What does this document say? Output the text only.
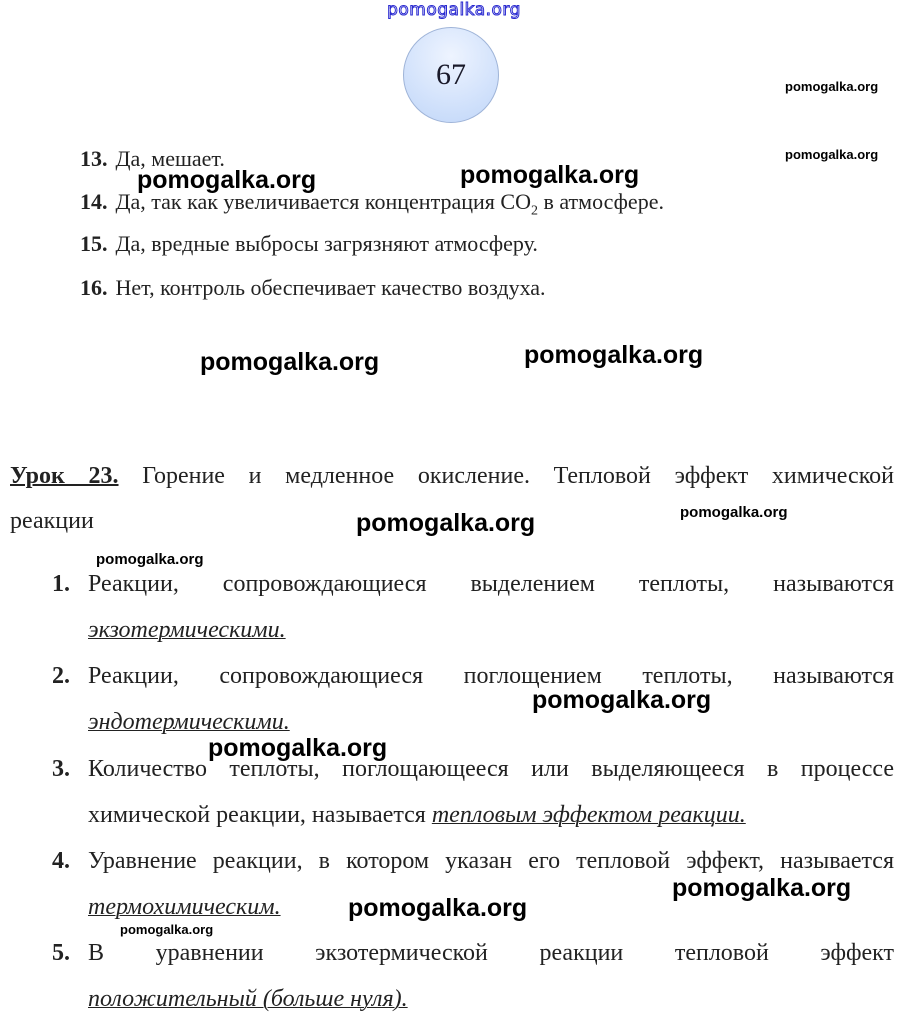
pomogalka.org
67
13. Да, мешает.
14. Да, так как увеличивается концентрация $СО_2$ в атмосфере.
15. Да, вредные выбросы загрязняют атмосферу.
16. Нет, контроль обеспечивает качество воздуха.
Урок 23. Горение и медленное окисление. Тепловой эффект химической
реакции
1. Реакции, сопровождающиеся выделением теплоты, называются
экзотермическими.
2. Реакции, сопровождающиеся поглощением теплоты, называются
эндотермическими.
3. Количество теплоты, поглощающееся или выделяющееся в процессе
химической реакции, называется тепловым эффектом реакции.
4. Уравнение реакции, в котором указан его тепловой эффект, называется
термохимическим.
5. В уравнении экзотермической реакции тепловой эффект
положительный (больше нуля).
pomogalka.org
pomogalka.org
pomogalka.org	pomogalka.org
pomogalka.org	pomogalka.org
pomogalka.org	pomogalka.org
pomogalka.org
pomogalka.org
pomogalka.org
pomogalka.org
pomogalka.org
pomogalka.org
